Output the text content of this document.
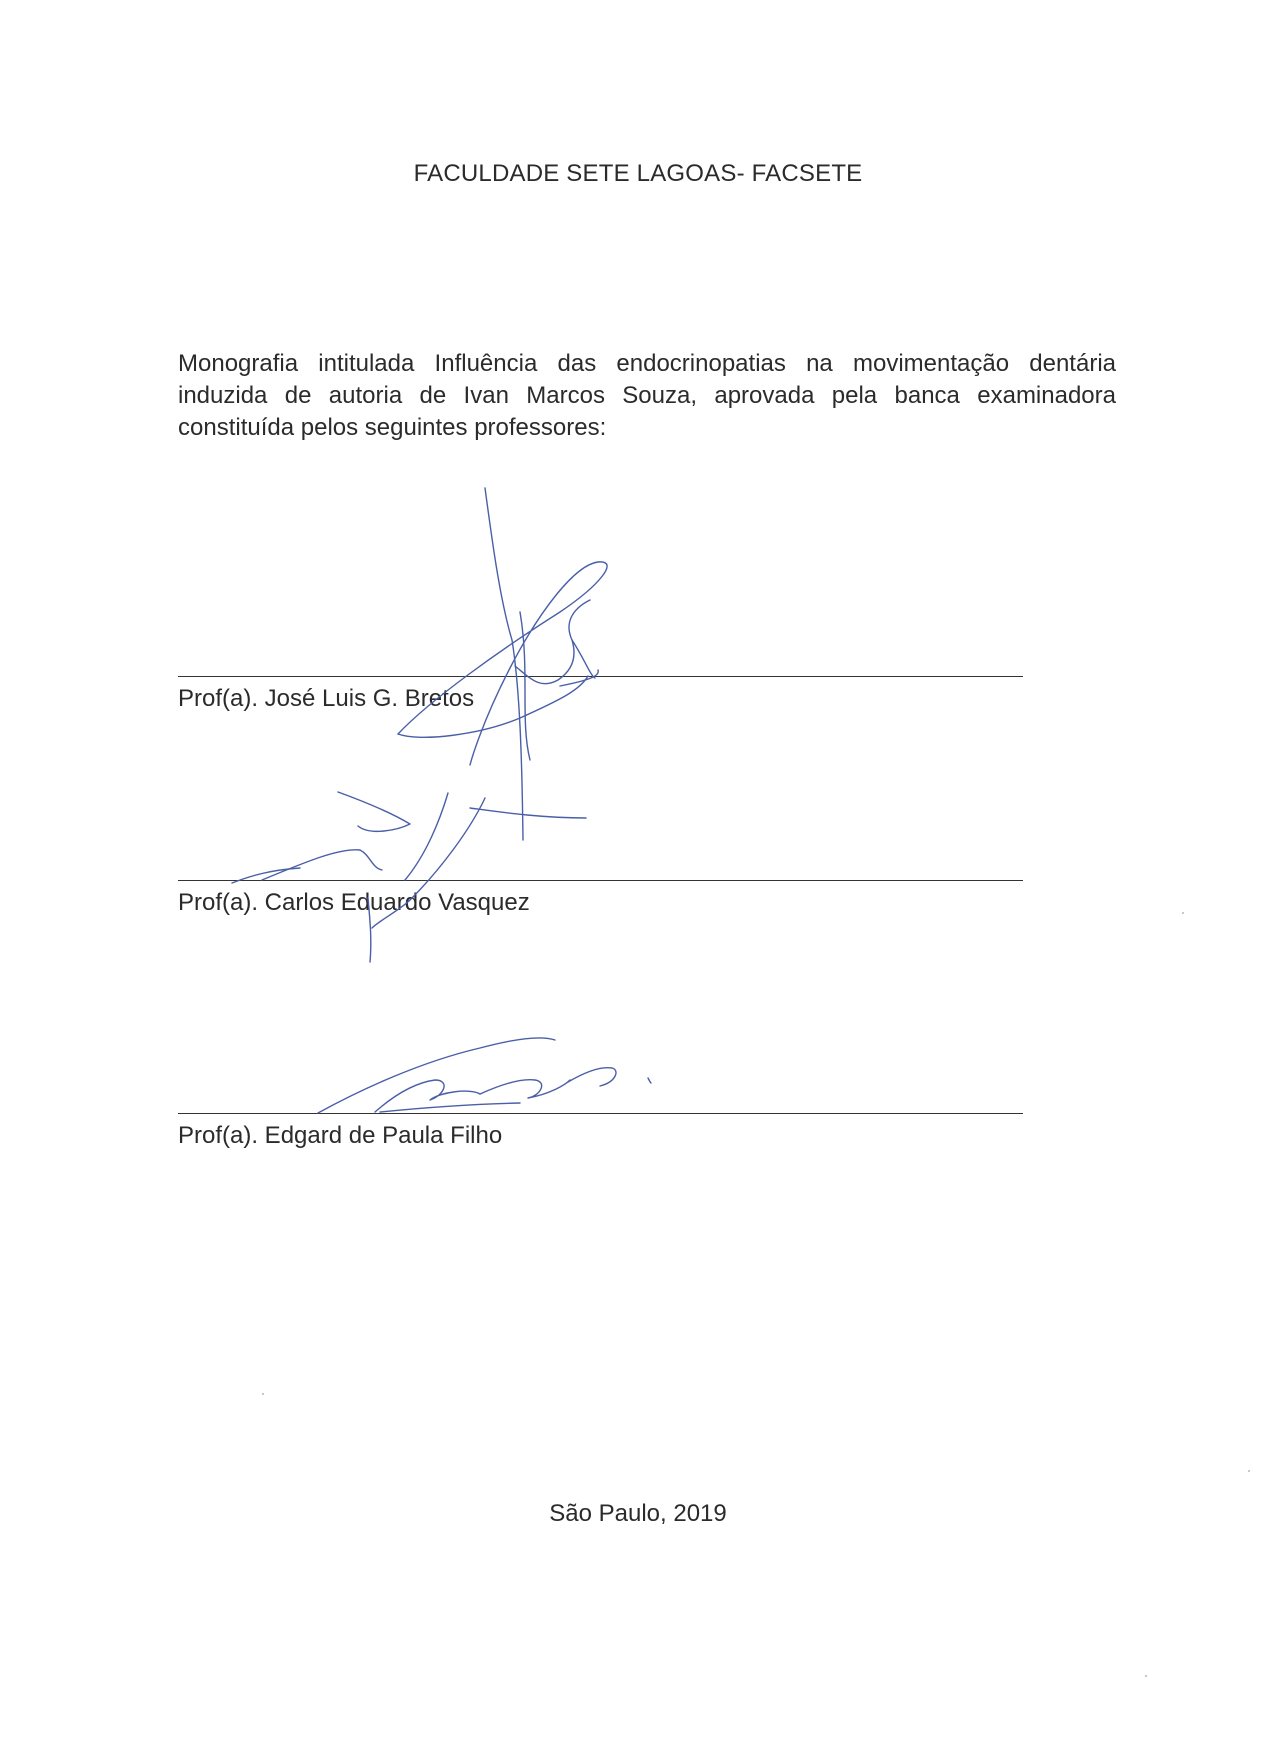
FACULDADE SETE LAGOAS- FACSETE
Monografia intitulada Influência das endocrinopatias na movimentação dentária induzida de autoria de Ivan Marcos Souza, aprovada pela banca examinadora constituída pelos seguintes professores:
Prof(a). José Luis G. Bretos
Prof(a). Carlos Eduardo Vasquez
Prof(a). Edgard de Paula Filho
São Paulo, 2019
